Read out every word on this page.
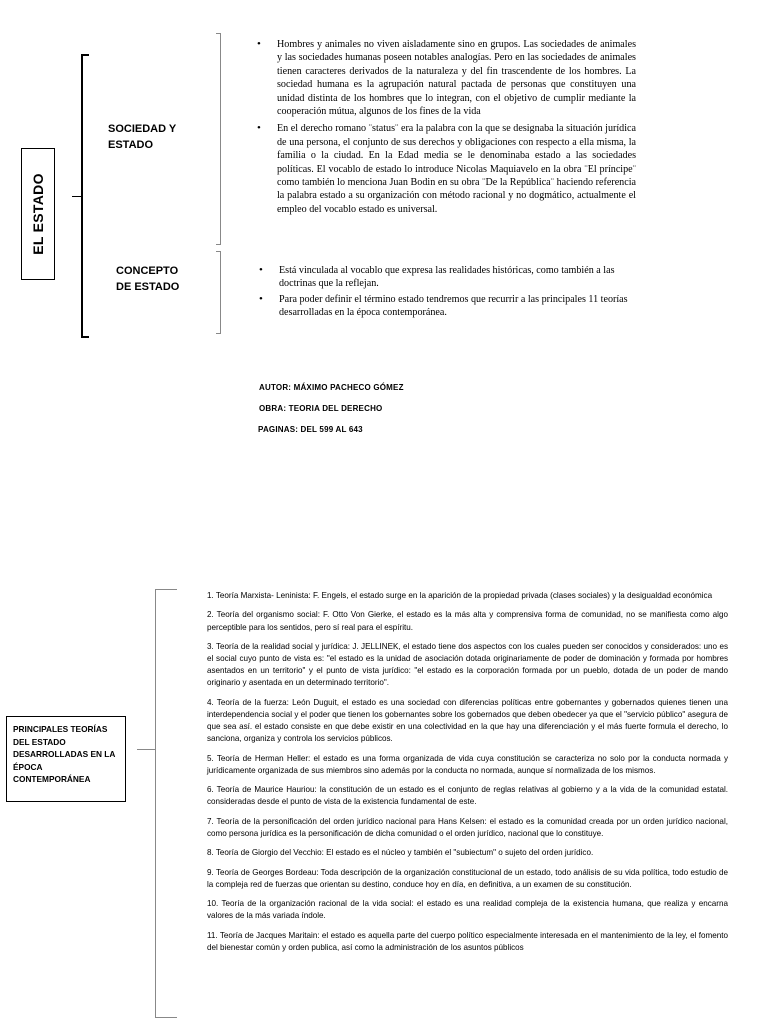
EL ESTADO
SOCIEDAD Y ESTADO
• Hombres y animales no viven aisladamente sino en grupos. Las sociedades de animales y las sociedades humanas poseen notables analogías. Pero en las sociedades de animales tienen caracteres derivados de la naturaleza y del fin trascendente de los hombres. La sociedad humana es la agrupación natural pactada de personas que constituyen una unidad distinta de los hombres que lo integran, con el objetivo de cumplir mediante la cooperación mútua, algunos de los fines de la vida
• En el derecho romano ¨status¨ era la palabra con la que se designaba la situación jurídica de una persona, el conjunto de sus derechos y obligaciones con respecto a ella misma, la familia o la ciudad. En la Edad media se le denominaba estado a las sociedades políticas. El vocablo de estado lo introduce Nicolas Maquiavelo en la obra ¨El príncipe¨ como también lo menciona Juan Bodin en su obra ¨De la República¨ haciendo referencia la palabra estado a su organización con método racional y no dogmático, actualmente el empleo del vocablo estado es universal.
CONCEPTO DE ESTADO
• Está vinculada al vocablo que expresa las realidades históricas, como también a las doctrinas que la reflejan.
• Para poder definir el término estado tendremos que recurrir a las principales 11 teorías desarrolladas en la época contemporánea.
AUTOR: MÁXIMO PACHECO GÓMEZ
OBRA: TEORIA DEL DERECHO
PAGINAS: DEL 599 AL 643
PRINCIPALES TEORÍAS DEL ESTADO DESARROLLADAS EN LA ÉPOCA CONTEMPORÁNEA

1. Teoría Marxista- Leninista: F. Engels, el estado surge en la aparición de la propiedad privada (clases sociales) y la desigualdad económica

2. Teoría del organismo social: F. Otto Von Gierke, el estado es la más alta y comprensiva forma de comunidad, no se manifiesta como algo perceptible para los sentidos, pero sí real para el espíritu.

3. Teoría de la realidad social y jurídica: J. JELLINEK, el estado tiene dos aspectos con los cuales pueden ser conocidos y considerados: uno es el social cuyo punto de vista es: "el estado es la unidad de asociación dotada originariamente de poder de dominación y formada por hombres asentados en un territorio" y el punto de vista jurídico: "el estado es la corporación formada por un pueblo, dotada de un poder de mando originario y asentada en un determinado territorio".

4. Teoría de la fuerza: León Duguit, el estado es una sociedad con diferencias políticas entre gobernantes y gobernados quienes tienen una interdependencia social y el poder que tienen los gobernantes sobre los gobernados que deben obedecer ya que el "servicio público" asegura de que sea así. el estado consiste en que debe existir en una colectividad en la que hay una diferenciación y el más fuerte formula el derecho, lo sanciona, organiza y controla los servicios públicos.

5. Teoría de Herman Heller: el estado es una forma organizada de vida cuya constitución se caracteriza no solo por la conducta normada y jurídicamente organizada de sus miembros sino además por la conducta no normada, aunque sí normalizada de los mismos.

6. Teoría de Maurice Hauriou: la constitución de un estado es el conjunto de reglas relativas al gobierno y a la vida de la comunidad estatal. consideradas desde el punto de vista de la existencia fundamental de este.

7. Teoría de la personificación del orden jurídico nacional para Hans Kelsen: el estado es la comunidad creada por un orden jurídico nacional, como persona jurídica es la personificación de dicha comunidad o el orden jurídico, nacional que lo constituye.

8. Teoría de Giorgio del Vecchio: El estado es el núcleo y también el "subiectum" o sujeto del orden jurídico.

9. Teoría de Georges Bordeau: Toda descripción de la organización constitucional de un estado, todo análisis de su vida política, todo estudio de la compleja red de fuerzas que orientan su destino, conduce hoy en día, en definitiva, a un examen de su constitución.

10. Teoría de la organización racional de la vida social: el estado es una realidad compleja de la existencia humana, que realiza y encarna valores de la más variada índole.

11. Teoría de Jacques Maritain: el estado es aquella parte del cuerpo político especialmente interesada en el mantenimiento de la ley, el fomento del bienestar común y orden publica, así como la administración de los asuntos públicos
